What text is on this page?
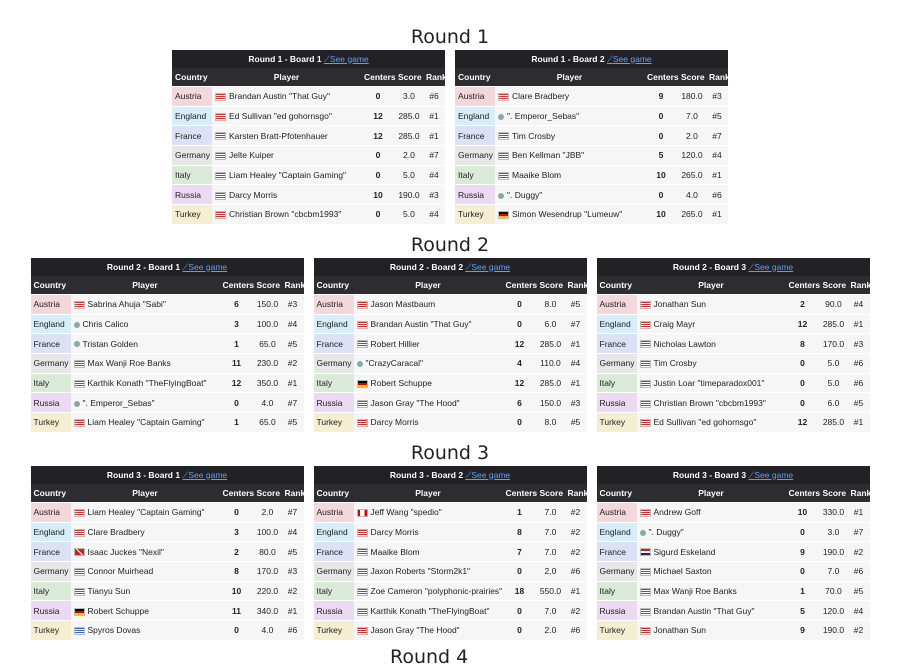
Round 1
Round 1 - Board 1 ⟋See game				
Country	Player	Centers	Score	Rank
Austria	Brandan Austin "That Guy"	0	3.0	#6
England	Ed Sullivan "ed gohornsgo"	12	285.0	#1
France	Karsten Bratt-Pfotenhauer	12	285.0	#1
Germany	Jelte Kuiper	0	2.0	#7
Italy	Liam Healey "Captain Gaming"	0	5.0	#4
Russia	Darcy Morris	10	190.0	#3
Turkey	Christian Brown "cbcbm1993"	0	5.0	#4
Round 1 - Board 2 ⟋See game				
Country	Player	Centers	Score	Rank
Austria	Clare Bradbery	9	180.0	#3
England	". Emperor_Sebas"	0	7.0	#5
France	Tim Crosby	0	2.0	#7
Germany	Ben Kellman "JBB"	5	120.0	#4
Italy	Maaike Blom	10	265.0	#1
Russia	". Duggy"	0	4.0	#6
Turkey	Simon Wesendrup "Lumeuw"	10	265.0	#1
Round 2
Round 2 - Board 1 ⟋See game				
Country	Player	Centers	Score	Rank
Austria	Sabrina Ahuja "Sabi"	6	150.0	#3
England	Chris Calico	3	100.0	#4
France	Tristan Golden	1	65.0	#5
Germany	Max Wanji Roe Banks	11	230.0	#2
Italy	Karthik Konath "TheFlyingBoat"	12	350.0	#1
Russia	". Emperor_Sebas"	0	4.0	#7
Turkey	Liam Healey "Captain Gaming"	1	65.0	#5
Round 2 - Board 2 ⟋See game				
Country	Player	Centers	Score	Rank
Austria	Jason Mastbaum	0	8.0	#5
England	Brandan Austin "That Guy"	0	6.0	#7
France	Robert Hillier	12	285.0	#1
Germany	"CrazyCaracal"	4	110.0	#4
Italy	Robert Schuppe	12	285.0	#1
Russia	Jason Gray "The Hood"	6	150.0	#3
Turkey	Darcy Morris	0	8.0	#5
Round 2 - Board 3 ⟋See game				
Country	Player	Centers	Score	Rank
Austria	Jonathan Sun	2	90.0	#4
England	Craig Mayr	12	285.0	#1
France	Nicholas Lawton	8	170.0	#3
Germany	Tim Crosby	0	5.0	#6
Italy	Justin Loar "timeparadox001"	0	5.0	#6
Russia	Christian Brown "cbcbm1993"	0	6.0	#5
Turkey	Ed Sullivan "ed gohornsgo"	12	285.0	#1
Round 3
Round 3 - Board 1 ⟋See game				
Country	Player	Centers	Score	Rank
Austria	Liam Healey "Captain Gaming"	0	2.0	#7
England	Clare Bradbery	3	100.0	#4
France	Isaac Juckes "Nexil"	2	80.0	#5
Germany	Connor Muirhead	8	170.0	#3
Italy	Tianyu Sun	10	220.0	#2
Russia	Robert Schuppe	11	340.0	#1
Turkey	Spyros Dovas	0	4.0	#6
Round 3 - Board 2 ⟋See game				
Country	Player	Centers	Score	Rank
Austria	Jeff Wang "spedio"	1	7.0	#2
England	Darcy Morris	8	7.0	#2
France	Maaike Blom	7	7.0	#2
Germany	Jaxon Roberts "Storm2k1"	0	2.0	#6
Italy	Zoe Cameron "polyphonic-prairies"	18	550.0	#1
Russia	Karthik Konath "TheFlyingBoat"	0	7.0	#2
Turkey	Jason Gray "The Hood"	0	2.0	#6
Round 3 - Board 3 ⟋See game				
Country	Player	Centers	Score	Rank
Austria	Andrew Goff	10	330.0	#1
England	". Duggy"	0	3.0	#7
France	Sigurd Eskeland	9	190.0	#2
Germany	Michael Saxton	0	7.0	#6
Italy	Max Wanji Roe Banks	1	70.0	#5
Russia	Brandan Austin "That Guy"	5	120.0	#4
Turkey	Jonathan Sun	9	190.0	#2
Round 4
